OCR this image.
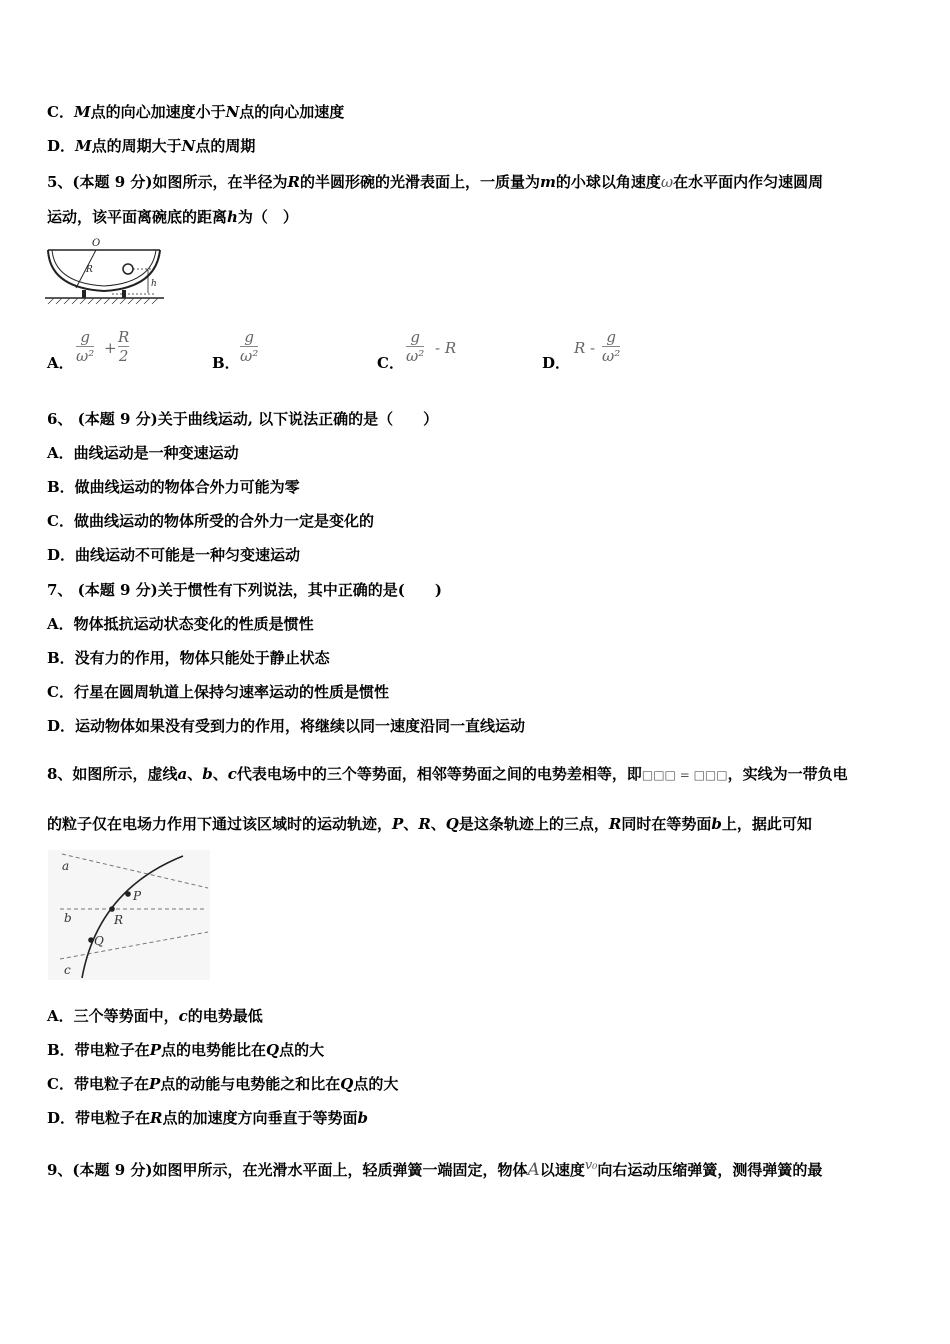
C．M点的向心加速度小于N点的向心加速度
D．M点的周期大于N点的周期
5、(本题 9 分)如图所示，在半径为R的半圆形碗的光滑表面上，一质量为m的小球以角速度ω在水平面内作匀速圆周
运动，该平面离碗底的距离h为（　）
O
R
h
A． $\frac{g}{\text{ω²}} + \frac{R}{2}$	B． $\frac{g}{\text{ω²}}$	C． $\frac{g}{\text{ω²}}$ - R
D．
R - $\frac{g}{\text{ω²}}$
6、 (本题 9 分)关于曲线运动, 以下说法正确的是（　　）
A．曲线运动是一种变速运动
B．做曲线运动的物体合外力可能为零
C．做曲线运动的物体所受的合外力一定是变化的
D．曲线运动不可能是一种匀变速运动
7、 (本题 9 分)关于惯性有下列说法，其中正确的是(　　)
A．物体抵抗运动状态变化的性质是惯性
B．没有力的作用，物体只能处于静止状态
C．行星在圆周轨道上保持匀速率运动的性质是惯性
D．运动物体如果没有受到力的作用，将继续以同一速度沿同一直线运动
8、如图所示，虚线a、b、c代表电场中的三个等势面，相邻等势面之间的电势差相等，即□□□ = □□□，实线为一带负电
的粒子仅在电场力作用下通过该区域时的运动轨迹，P、R、Q是这条轨迹上的三点，R同时在等势面b上，据此可知
a
b
c
P
R
Q
A．三个等势面中，c的电势最低
B．带电粒子在P点的电势能比在Q点的大
C．带电粒子在P点的动能与电势能之和比在Q点的大
D．带电粒子在R点的加速度方向垂直于等势面b
9、(本题 9 分)如图甲所示，在光滑水平面上，轻质弹簧一端固定，物体A以速度v₀向右运动压缩弹簧，测得弹簧的最
